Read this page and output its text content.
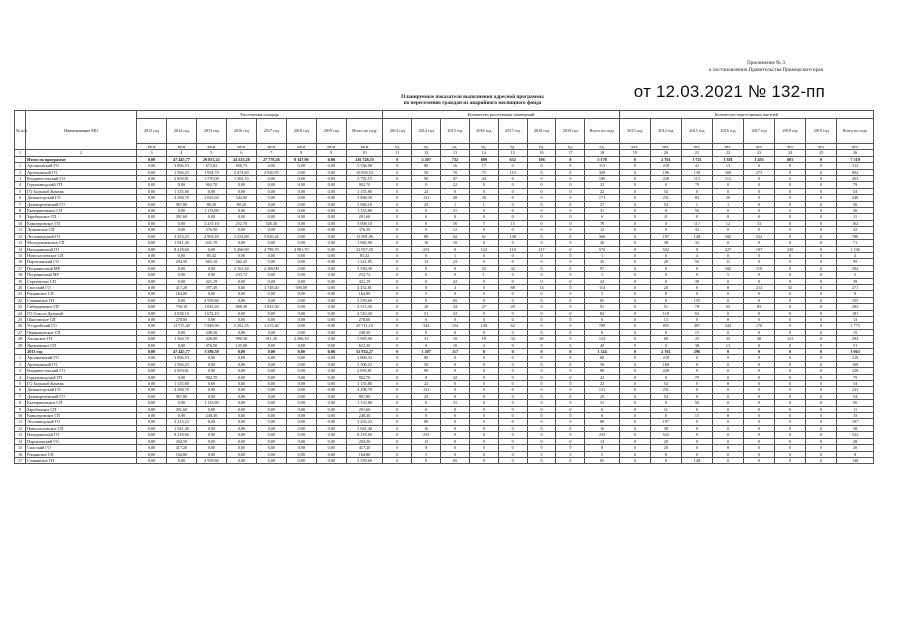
Приложение № 3
к постановлению Правительства Приморского края
от 12.03.2021 № 132-пп
Планируемые показатели выполнения адресной программы
по переселению граждан из аварийного жилищного фонда
№ п/п	Наименование МО	Расселяемая площадь								Количество расселенных помещений								Количество переселяемых жителей							
		2013 год	2014 год	2015 год	2016 год	2017 год	2018 год	2019 год	Всего по году	2013 год	2014 год	2015 год	2016 год	2017 год	2018 год	2019 год	Всего по году	2013 год	2014 год	2015 год	2016 год	2017 год	2018 год	2019 год	Всего по году
		кв.м	кв.м	кв.м	кв.м	кв.м	кв.м	кв.м	кв.м	ед.	ед.	ед.	ед.	ед.	ед.	ед.	ед.	чел.	чел.	чел.	чел.	чел.	чел.	чел.	чел.
1	2	3	4	5	6	7	8	9	10	11	12	13	14	15	16	17	18	19	20	21	22	23	24	25	26
	Итого по программе	0,00	47 445,77	29 853,22	24 523,28	27 778,26	8 147,90	0,00	136 748,55	0	2 207	732	609	632	196	0	5 178	0	2 761	1 721	1 381	1 453	601	0	7 319
1	Арсеньевский ГО	0,00	3 806,53	673,82	856,73	0,00	0,00	0,00	5 336,08	0	80	16	17	0	0	0	113	0	218	41	13	0	0	0	312
2	Артемовский ГО	0,00	1 506,23	1 934,78	2 474,60	4 920,93	0,00	0,00	10 836,53	0	50	70	75	114	0	0	309	0	196	139	169	273	0	0	692
3	Владивостокский ГО	0,00	2 859,81	1 570,00	1 362,33	0,00	0,00	0,00	5 792,15	0	90	47	44	0	0	0	189	0	228	113	112	0	0	0	453
4	Горнозаводский ГП	0,00	0,00	902,70	0,00	0,00	0,00	0,00	902,70	0	0	22	0	0	0	0	22	0	0	79	0	0	0	0	79
5	ГО Большой Камень	0,00	1 135,80	0,00	0,00	0,00	0,00	0,00	1 135,80	0	22	0	0	0	0	0	22	0	54	0	0	0	0	0	54
6	Дальнегорский ГО	0,00	4 298,70	1 025,60	544,00	0,00	0,00	0,00	5 868,30	0	121	48	30	0	0	0	171	0	231	83	26	0	0	0	348
7	Дальнереченский ГО	0,00	967,80	80,30	80,20	0,00	0,00	0,00	1 048,10	0	25	1	1	0	0	0	27	0	54	1	1	0	0	0	56
8	Екатериновское СП	0,00	0,00	1 133,80	0,00	0,00	0,00	0,00	1 133,80	0	0	31	0	0	0	0	31	0	0	56	0	0	0	0	56
9	Зарубинское СП	0,00	291,60	0,00	0,00	0,00	0,00	0,00	291,60	0	6	0	0	0	0	0	6	0	11	0	0	0	0	0	11
10	Кавалеровское ГП	0,00	0,00	2 231,10	252,70	526,30	0,00	0,00	3 008,10	0	0	56	7	15	0	0	78	0	0	117	12	33	0	0	162
11	Лучковское СП	0,00	0,00	376,50	0,00	0,00	0,00	0,00	376,50	0	0	12	0	0	0	0	12	0	0	32	0	0	0	0	32
12	Лесозаводский ГО	0,00	3 233,23	2 902,49	2 252,80	5 636,44	0,00	0,00	13 991,96	0	80	62	61	148	0	0	366	0	197	148	182	322	0	0	780
13	Молодежненское СП	0,00	1 041,40	641,70	0,00	0,00	0,00	0,00	1 682,90	0	16	10	0	0	0	0	26	0	38	33	0	0	0	0	71
14	Находкинский ГО	0,00	8 218,60	0,00	5 266,90	4 799,70	4 981,70	0,00	22 957,29	0	233	0	122	110	117	0	572	0	522	0	227	197	245	0	1 196
15	Новосысоевское СП	0,00	0,00	85,42	0,00	0,00	0,00	0,00	85,42	0	0	1	0	0	0	0	1	0	0	4	0	0	0	0	4
16	Партизанский ГО	0,00	294,50	665,10	262,25	0,00	0,00	0,00	1 221,85	0	13	23	9	0	0	0	45	0	28	56	11	0	0	0	95
17	Пограничский МР	0,00	0,00	0,00	3 161,40	2 368,90	0,00	0,00	5 530,30	0	0	0	55	42	0	0	97	0	0	0	182	110	0	0	292
18	Пограничный МР	0,00	0,00	0,00	233,72	0,00	0,00	0,00	233,72	0	0	0	1	0	0	0	1	0	0	0	5	0	0	0	5
19	Сергеевское СП	0,00	0,00	421,19	0,00	0,00	0,00	0,00	421,19	0	0	22	0	0	0	0	22	0	0	39	0	0	0	0	39
20	Спасский ГО	0,00	417,20	397,40	0,00	3 748,20	590,00	0,00	4 452,81	0	8	4	0	88	14	0	114	0	20	6	0	212	33	0	271
21	Рощинское СП	0,00	164,80	0,00	0,00	0,00	0,00	0,00	164,80	0	5	0	0	0	0	0	5	0	8	0	0	0	0	0	8
22	Славянское ГП	0,00	0,00	2 559,60	0,00	0,00	0,00	0,00	2 559,60	0	0	65	0	0	0	0	65	0	0	155	0	0	0	0	155
23	Сибирцевское ГП	0,00	756,10	1 043,40	868,30	1 845,50	0,00	0,00	4 513,30	0	20	24	27	20	0	0	91	0	51	78	65	85	0	0	283
24	ГО Спасск-Дальний	0,00	2 838,10	1 672,10	0,00	0,00	0,00	0,00	4 510,20	0	51	32	0	0	0	0	83	0	118	63	0	0	0	0	181
25	Шкотовское СП	0,00	278,60	0,00	0,00	0,00	0,00	0,00	278,60	0	6	0	0	0	0	0	6	0	13	0	0	0	0	0	13
26	Уссурийский ГО	0,00	11 715,40	7 849,90	5 291,35	3 215,40	0,00	0,00	29 711,19	0	344	154	149	62	0	0	709	0	855	407	343	170	0	0	1 775
27	Чернышевское СП	0,00	0,00	248,30	0,00	0,00	0,00	0,00	248,30	0	0	6	0	0	0	0	6	0	0	15	0	0	0	0	15
28	Хасанское ГП	0,00	1 364,70	428,00	990,50	911,30	2 366,10	0,00	5 905,96	0	31	10	18	32	65	0	152	0	68	25	35	48	123	0	294
29	Яковлевское СП	0,00	0,00	476,50	135,80	0,00	0,00	0,00	612,30	0	0	16	4	0	0	0	20	0	0	38	13	0	0	0	51
	2013 год	0,00	47 445,77	1 580,50	0,00	0,00	0,00	0,00	52 934,27	0	1 207	117	0	0	0	0	1 324	0	2 761	296	0	0	0	0	3 063
1	Арсеньевский ГО	0,00	3 806,53	0,00	0,00	0,00	0,00	0,00	3 806,53	0	80	0	0	0	0	0	80	0	218	0	0	0	0	0	218
2	Артемовский ГО	0,00	1 506,23	0,00	0,00	0,00	0,00	0,00	1 506,23	0	50	0	0	0	0	0	50	0	169	0	0	0	0	0	169
3	Владивостокский ГО	0,00	2 859,81	0,00	0,00	0,00	0,00	0,00	2 859,81	0	90	0	0	0	0	0	90	0	228	0	0	0	0	0	228
4	Горнозаводский ГП	0,00	0,00	902,70	0,00	0,00	0,00	0,00	902,70	0	0	22	0	0	0	0	22	0	0	79	0	0	0	0	79
5	ГО Большой Камень	0,00	1 135,80	0,00	0,00	0,00	0,00	0,00	1 135,80	0	22	0	0	0	0	0	22	0	54	0	0	0	0	0	54
6	Дальнегорский ГО	0,00	4 298,70	0,00	0,00	0,00	0,00	0,00	4 298,70	0	121	0	0	0	0	0	121	0	231	0	0	0	0	0	231
7	Дальнереченский ГО	0,00	967,80	0,00	0,00	0,00	0,00	0,00	967,80	0	25	0	0	0	0	0	25	0	54	0	0	0	0	0	54
8	Екатериновское СП	0,00	0,00	1 133,80	0,00	0,00	0,00	0,00	1 133,80	0	0	31	0	0	0	0	31	0	0	56	0	0	0	0	56
9	Зарубинское СП	0,00	291,60	0,00	0,00	0,00	0,00	0,00	291,60	0	6	0	0	0	0	0	6	0	11	0	0	0	0	0	11
10	Кавалеровское ГП	0,00	0,00	248,30	0,00	0,00	0,00	0,00	248,30	0	0	6	0	0	0	0	6	0	0	15	0	0	0	0	15
11	Лесозаводский ГО	0,00	3 233,23	0,00	0,00	0,00	0,00	0,00	3 233,23	0	80	0	0	0	0	0	80	0	197	0	0	0	0	0	197
12	Новосысоевское СП	0,00	1 041,40	0,00	0,00	0,00	0,00	0,00	1 041,40	0	16	0	0	0	0	0	16	0	38	0	0	0	0	0	38
13	Находкинский ГО	0,00	8 218,60	0,00	0,00	0,00	0,00	0,00	8 218,60	0	233	0	0	0	0	0	233	0	522	0	0	0	0	0	522
14	Партизанский ГО	0,00	294,50	0,00	0,00	0,00	0,00	0,00	294,50	0	13	0	0	0	0	0	13	0	28	0	0	0	0	0	28
15	Спасский ГО	0,00	417,20	0,00	0,00	0,00	0,00	0,00	417,20	0	8	0	0	0	0	0	8	0	20	0	0	0	0	0	20
16	Рощинское СП	0,00	164,80	0,00	0,00	0,00	0,00	0,00	164,80	0	5	0	0	0	0	0	5	0	8	0	0	0	0	0	8
17	Славянское ГП	0,00	0,00	2 559,60	0,00	0,00	0,00	0,00	2 559,60	0	0	65	0	0	0	0	65	0	0	148	0	0	0	0	148
